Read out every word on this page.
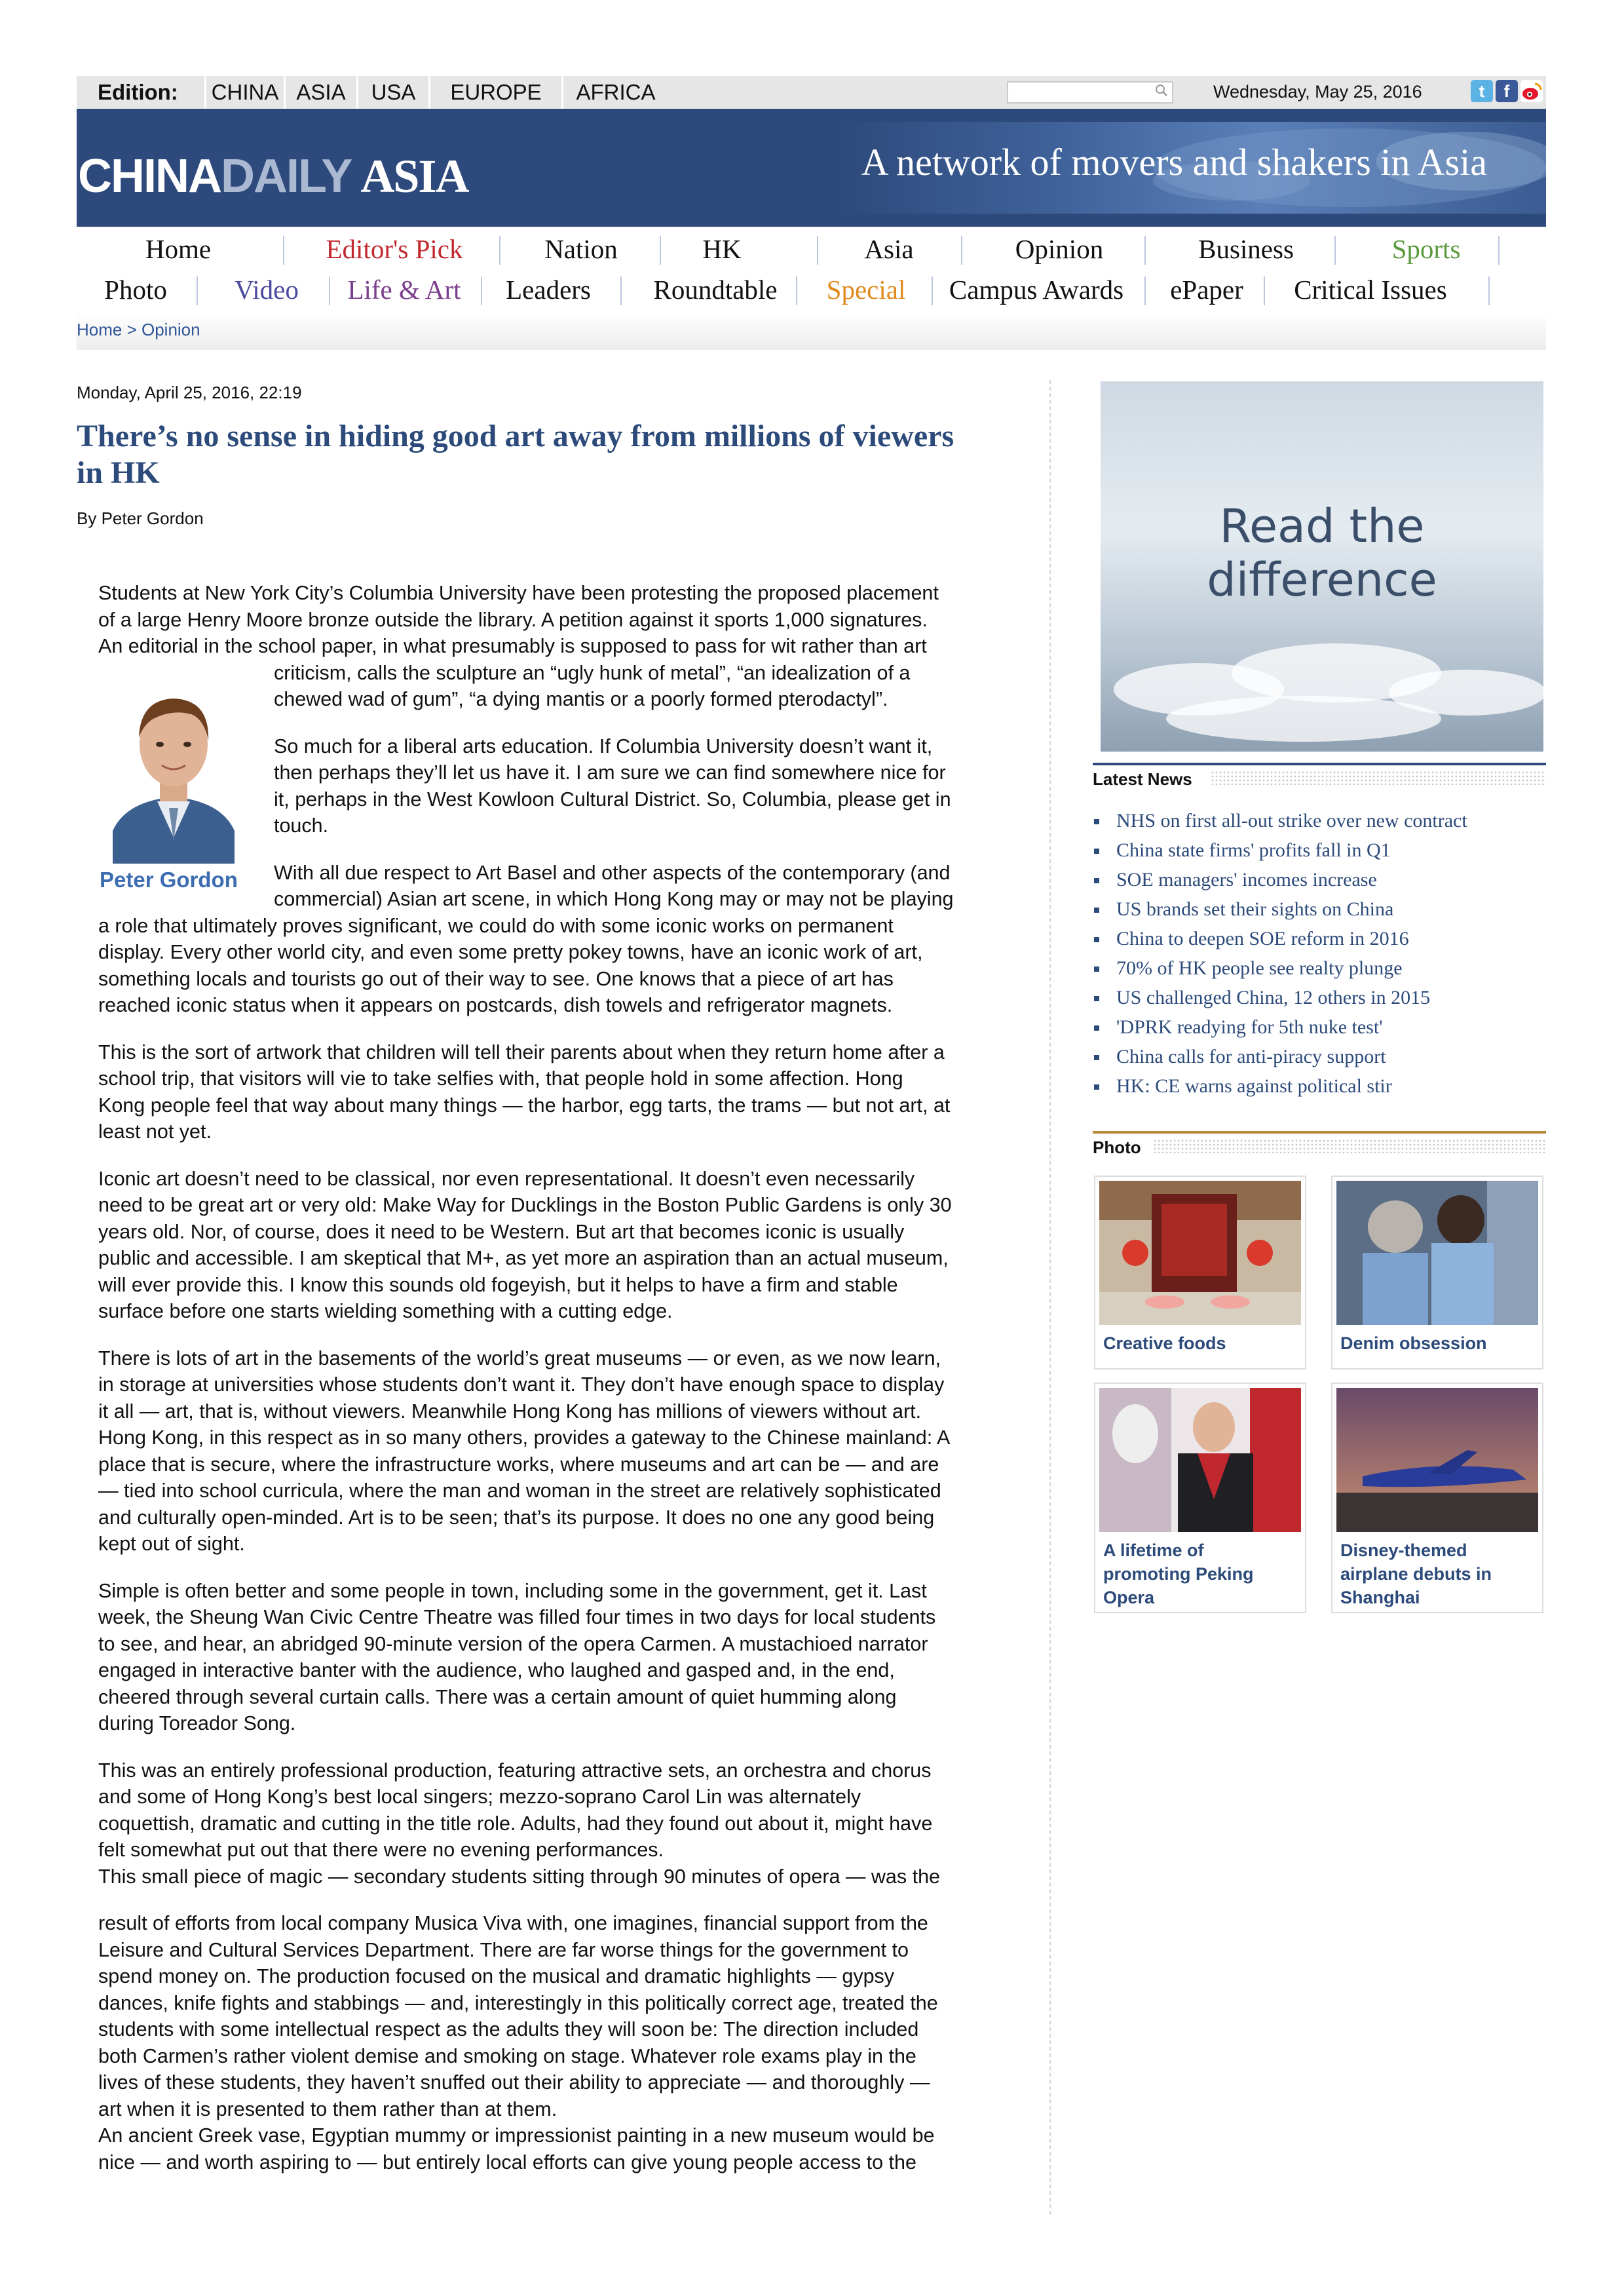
Edition: CHINA ASIA	USA	EUROPE	AFRICA	Wednesday, May 25, 2016	t	f
CHINADAILY ASIA	A network of movers and shakers in Asia
Home	Editor's Pick	Nation	HK	Asia	Opinion	Business	Sports
Photo	Video	Life & Art	Leaders	Roundtable	Special	Campus Awards	ePaper	Critical Issues
Home > Opinion
Monday, April 25, 2016, 22:19
There’s no sense in hiding good art away from millions of viewers
in HK
By Peter Gordon
Peter Gordon
Students at New York City’s Columbia University have been protesting the proposed placement
of a large Henry Moore bronze outside the library. A petition against it sports 1,000 signatures.
An editorial in the school paper, in what presumably is supposed to pass for wit rather than art
criticism, calls the sculpture an “ugly hunk of metal”, “an idealization of a
chewed wad of gum”, “a dying mantis or a poorly formed pterodactyl”.
So much for a liberal arts education. If Columbia University doesn’t want it,
then perhaps they’ll let us have it. I am sure we can find somewhere nice for
it, perhaps in the West Kowloon Cultural District. So, Columbia, please get in
touch.
With all due respect to Art Basel and other aspects of the contemporary (and
commercial) Asian art scene, in which Hong Kong may or may not be playing
a role that ultimately proves significant, we could do with some iconic works on permanent
display. Every other world city, and even some pretty pokey towns, have an iconic work of art,
something locals and tourists go out of their way to see. One knows that a piece of art has
reached iconic status when it appears on postcards, dish towels and refrigerator magnets.
This is the sort of artwork that children will tell their parents about when they return home after a
school trip, that visitors will vie to take selfies with, that people hold in some affection. Hong
Kong people feel that way about many things — the harbor, egg tarts, the trams — but not art, at
least not yet.
Iconic art doesn’t need to be classical, nor even representational. It doesn’t even necessarily
need to be great art or very old: Make Way for Ducklings in the Boston Public Gardens is only 30
years old. Nor, of course, does it need to be Western. But art that becomes iconic is usually
public and accessible. I am skeptical that M+, as yet more an aspiration than an actual museum,
will ever provide this. I know this sounds old fogeyish, but it helps to have a firm and stable
surface before one starts wielding something with a cutting edge.
There is lots of art in the basements of the world’s great museums — or even, as we now learn,
in storage at universities whose students don’t want it. They don’t have enough space to display
it all — art, that is, without viewers. Meanwhile Hong Kong has millions of viewers without art.
Hong Kong, in this respect as in so many others, provides a gateway to the Chinese mainland: A
place that is secure, where the infrastructure works, where museums and art can be — and are
— tied into school curricula, where the man and woman in the street are relatively sophisticated
and culturally open-minded. Art is to be seen; that’s its purpose. It does no one any good being
kept out of sight.
Simple is often better and some people in town, including some in the government, get it. Last
week, the Sheung Wan Civic Centre Theatre was filled four times in two days for local students
to see, and hear, an abridged 90-minute version of the opera Carmen. A mustachioed narrator
engaged in interactive banter with the audience, who laughed and gasped and, in the end,
cheered through several curtain calls. There was a certain amount of quiet humming along
during Toreador Song.
This was an entirely professional production, featuring attractive sets, an orchestra and chorus
and some of Hong Kong’s best local singers; mezzo-soprano Carol Lin was alternately
coquettish, dramatic and cutting in the title role. Adults, had they found out about it, might have
felt somewhat put out that there were no evening performances.
This small piece of magic — secondary students sitting through 90 minutes of opera — was the
result of efforts from local company Musica Viva with, one imagines, financial support from the
Leisure and Cultural Services Department. There are far worse things for the government to
spend money on. The production focused on the musical and dramatic highlights — gypsy
dances, knife fights and stabbings — and, interestingly in this politically correct age, treated the
students with some intellectual respect as the adults they will soon be: The direction included
both Carmen’s rather violent demise and smoking on stage. Whatever role exams play in the
lives of these students, they haven’t snuffed out their ability to appreciate — and thoroughly —
art when it is presented to them rather than at them.
An ancient Greek vase, Egyptian mummy or impressionist painting in a new museum would be
nice — and worth aspiring to — but entirely local efforts can give young people access to the
Read the difference
Latest News
NHS on first all-out strike over new contract
China state firms' profits fall in Q1
SOE managers' incomes increase
US brands set their sights on China
China to deepen SOE reform in 2016
70% of HK people see realty plunge
US challenged China, 12 others in 2015
'DPRK readying for 5th nuke test'
China calls for anti-piracy support
HK: CE warns against political stir
Photo
Creative foods	Denim obsession
A lifetime of
promoting Peking
Opera
Disney-themed
airplane debuts in
Shanghai
